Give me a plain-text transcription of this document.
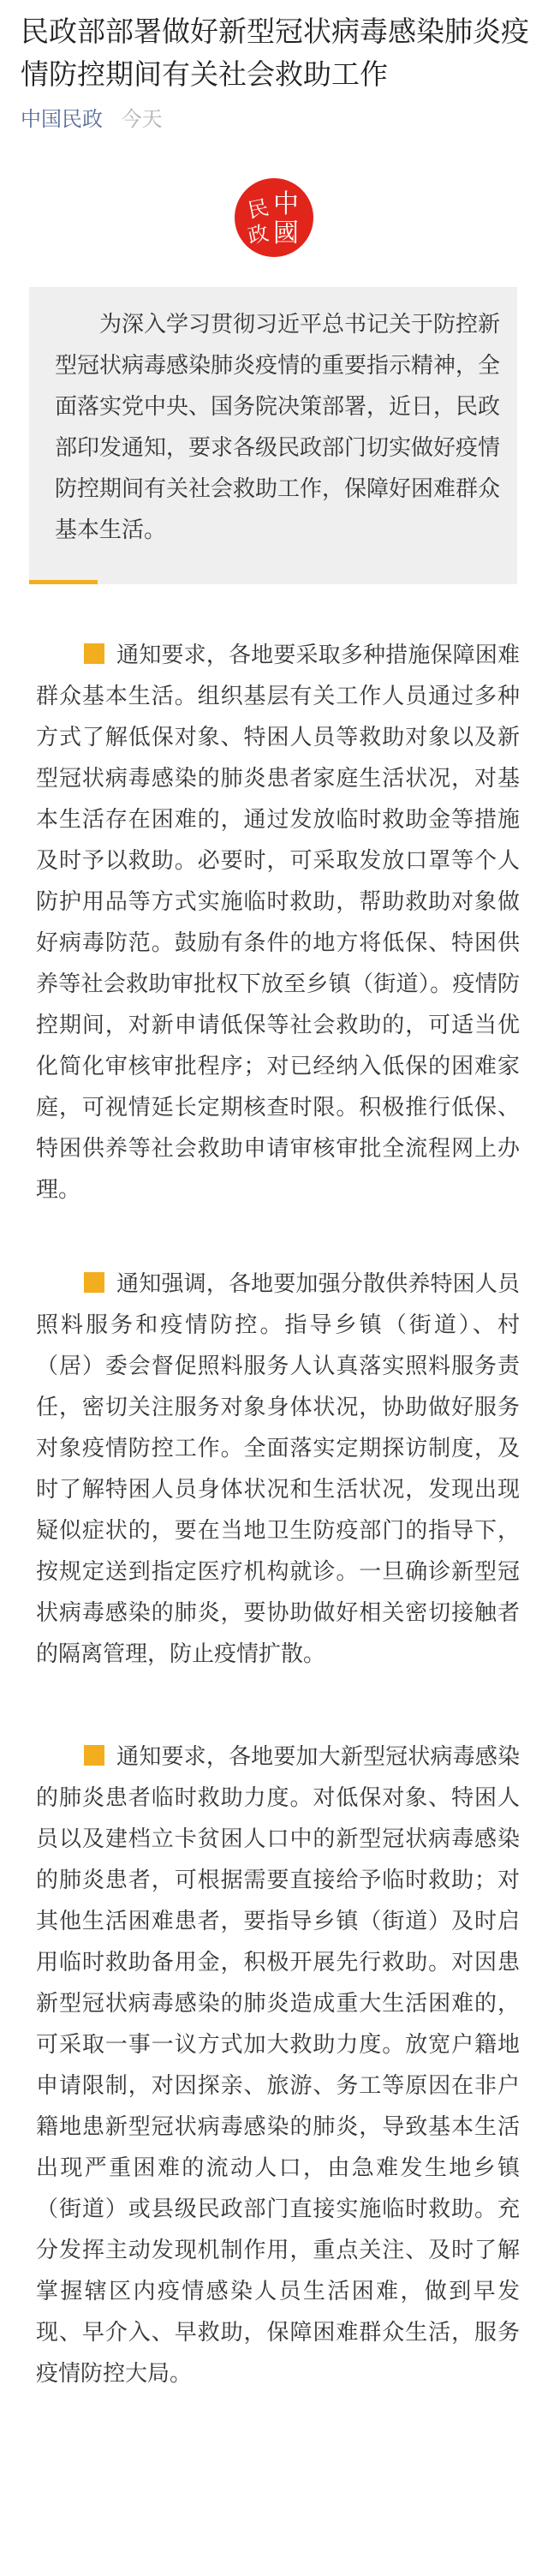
民政部部署做好新型冠状病毒感染肺炎疫情防控期间有关社会救助工作
中国民政 今天
中
國
民
政

为深入学习贯彻习近平总书记关于防控新型冠状病毒感染肺炎疫情的重要指示精神，全面落实党中央、国务院决策部署，近日，民政部印发通知，要求各级民政部门切实做好疫情防控期间有关社会救助工作，保障好困难群众基本生活。

通知要求，各地要采取多种措施保障困难群众基本生活。组织基层有关工作人员通过多种方式了解低保对象、特困人员等救助对象以及新型冠状病毒感染的肺炎患者家庭生活状况，对基本生活存在困难的，通过发放临时救助金等措施及时予以救助。必要时，可采取发放口罩等个人防护用品等方式实施临时救助，帮助救助对象做好病毒防范。鼓励有条件的地方将低保、特困供养等社会救助审批权下放至乡镇（街道）。疫情防控期间，对新申请低保等社会救助的，可适当优化简化审核审批程序；对已经纳入低保的困难家庭，可视情延长定期核查时限。积极推行低保、特困供养等社会救助申请审核审批全流程网上办理。

通知强调，各地要加强分散供养特困人员照料服务和疫情防控。指导乡镇（街道）、村（居）委会督促照料服务人认真落实照料服务责任，密切关注服务对象身体状况，协助做好服务对象疫情防控工作。全面落实定期探访制度，及时了解特困人员身体状况和生活状况，发现出现疑似症状的，要在当地卫生防疫部门的指导下，按规定送到指定医疗机构就诊。一旦确诊新型冠状病毒感染的肺炎，要协助做好相关密切接触者的隔离管理，防止疫情扩散。

通知要求，各地要加大新型冠状病毒感染的肺炎患者临时救助力度。对低保对象、特困人员以及建档立卡贫困人口中的新型冠状病毒感染的肺炎患者，可根据需要直接给予临时救助；对其他生活困难患者，要指导乡镇（街道）及时启用临时救助备用金，积极开展先行救助。对因患新型冠状病毒感染的肺炎造成重大生活困难的，可采取一事一议方式加大救助力度。放宽户籍地申请限制，对因探亲、旅游、务工等原因在非户籍地患新型冠状病毒感染的肺炎，导致基本生活出现严重困难的流动人口，由急难发生地乡镇（街道）或县级民政部门直接实施临时救助。充分发挥主动发现机制作用，重点关注、及时了解掌握辖区内疫情感染人员生活困难，做到早发现、早介入、早救助，保障困难群众生活，服务疫情防控大局。
